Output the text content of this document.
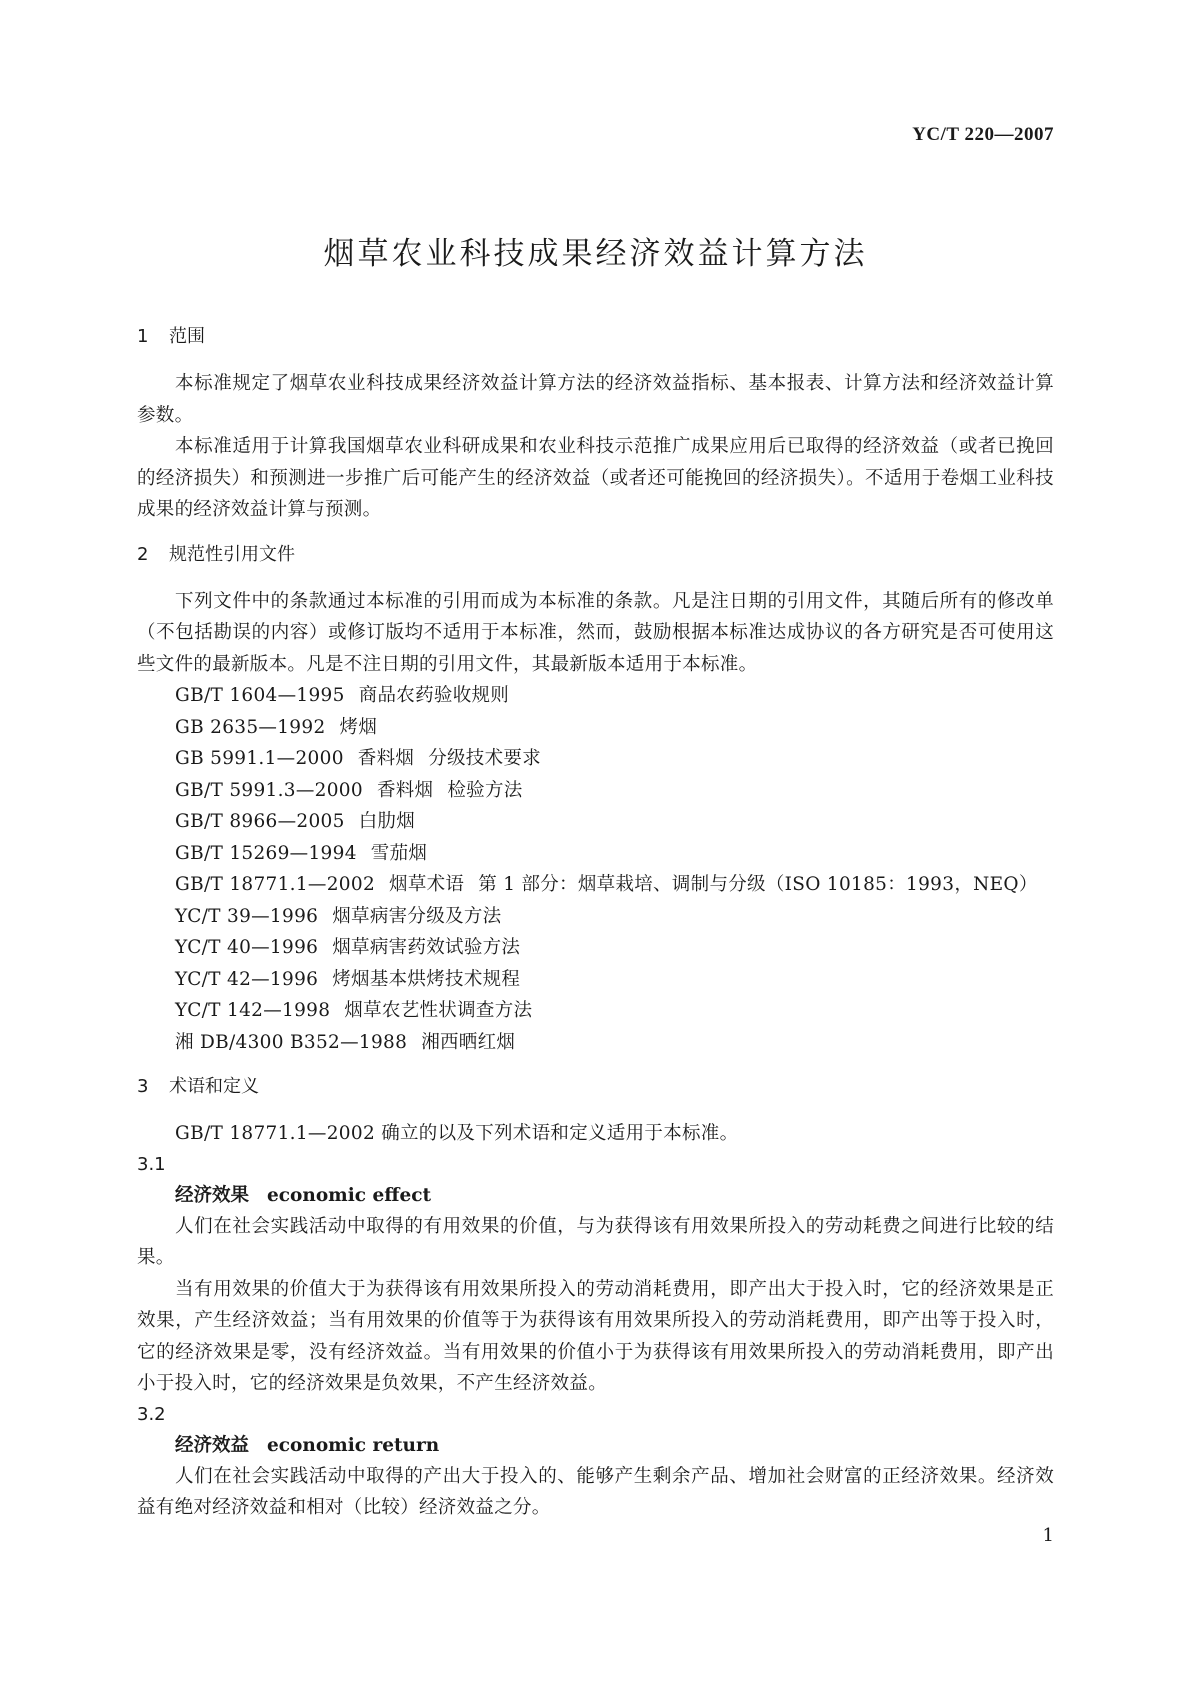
YC/T 220—2007
烟草农业科技成果经济效益计算方法
1 范围

本标准规定了烟草农业科技成果经济效益计算方法的经济效益指标、基本报表、计算方法和经济效益计算参数。

本标准适用于计算我国烟草农业科研成果和农业科技示范推广成果应用后已取得的经济效益（或者已挽回的经济损失）和预测进一步推广后可能产生的经济效益（或者还可能挽回的经济损失）。不适用于卷烟工业科技成果的经济效益计算与预测。

2 规范性引用文件

下列文件中的条款通过本标准的引用而成为本标准的条款。凡是注日期的引用文件，其随后所有的修改单（不包括勘误的内容）或修订版均不适用于本标准，然而，鼓励根据本标准达成协议的各方研究是否可使用这些文件的最新版本。凡是不注日期的引用文件，其最新版本适用于本标准。

GB/T 1604—1995 商品农药验收规则

GB 2635—1992 烤烟

GB 5991.1—2000 香料烟 分级技术要求

GB/T 5991.3—2000 香料烟 检验方法

GB/T 8966—2005 白肋烟

GB/T 15269—1994 雪茄烟

GB/T 18771.1—2002 烟草术语 第 1 部分：烟草栽培、调制与分级（ISO 10185：1993，NEQ）

YC/T 39—1996 烟草病害分级及方法

YC/T 40—1996 烟草病害药效试验方法

YC/T 42—1996 烤烟基本烘烤技术规程

YC/T 142—1998 烟草农艺性状调查方法

湘 DB/4300 B352—1988 湘西晒红烟

3 术语和定义

GB/T 18771.1—2002 确立的以及下列术语和定义适用于本标准。

3.1

经济效果 economic effect

人们在社会实践活动中取得的有用效果的价值，与为获得该有用效果所投入的劳动耗费之间进行比较的结果。

当有用效果的价值大于为获得该有用效果所投入的劳动消耗费用，即产出大于投入时，它的经济效果是正效果，产生经济效益；当有用效果的价值等于为获得该有用效果所投入的劳动消耗费用，即产出等于投入时，它的经济效果是零，没有经济效益。当有用效果的价值小于为获得该有用效果所投入的劳动消耗费用，即产出小于投入时，它的经济效果是负效果，不产生经济效益。

3.2

经济效益 economic return

人们在社会实践活动中取得的产出大于投入的、能够产生剩余产品、增加社会财富的正经济效果。经济效益有绝对经济效益和相对（比较）经济效益之分。

1
